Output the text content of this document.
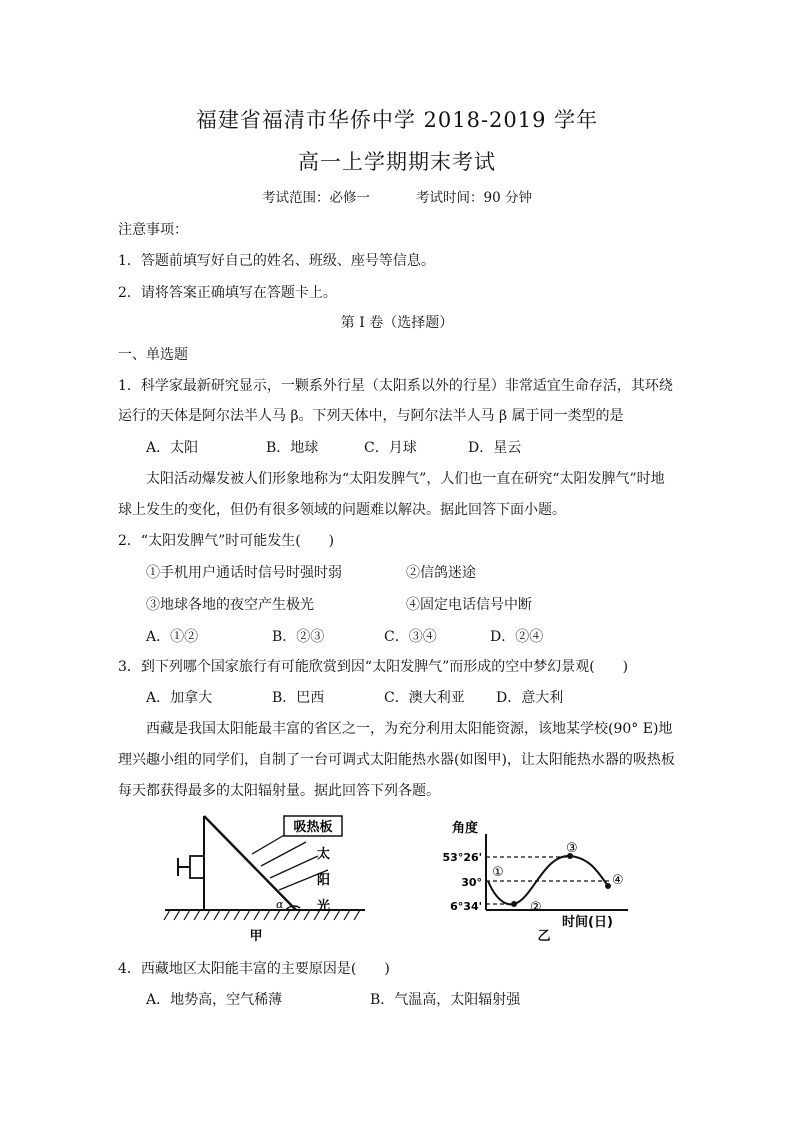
福建省福清市华侨中学 2018-2019 学年
高一上学期期末考试
考试范围：必修一	考试时间：90 分钟
注意事项：
1．答题前填写好自己的姓名、班级、座号等信息。
2．请将答案正确填写在答题卡上。
第 I 卷（选择题）
一、单选题
1．科学家最新研究显示，一颗系外行星（太阳系以外的行星）非常适宜生命存活，其环绕
运行的天体是阿尔法半人马 β。下列天体中，与阿尔法半人马 β 属于同一类型的是
A．太阳	B．地球	C．月球	D．星云
太阳活动爆发被人们形象地称为“太阳发脾气”，人们也一直在研究“太阳发脾气”时地
球上发生的变化，但仍有很多领域的问题难以解决。据此回答下面小题。
2．“太阳发脾气”时可能发生(　　)
①手机用户通话时信号时强时弱	②信鸽迷途
③地球各地的夜空产生极光	④固定电话信号中断
A．①②	B．②③	C．③④	D．②④
3．到下列哪个国家旅行有可能欣赏到因“太阳发脾气”而形成的空中梦幻景观(　　)
A．加拿大	B．巴西	C．澳大利亚 D．意大利
西藏是我国太阳能最丰富的省区之一，为充分利用太阳能资源，该地某学校(90° E)地
理兴趣小组的同学们，自制了一台可调式太阳能热水器(如图甲)，让太阳能热水器的吸热板
每天都获得最多的太阳辐射量。据此回答下列各题。
α
吸热板
太
阳
光
甲
角度
53°26'
30°
6°34'
①
②
③
④
时间(日)
乙
4．西藏地区太阳能丰富的主要原因是(　　)
A．地势高，空气稀薄	B．气温高，太阳辐射强
